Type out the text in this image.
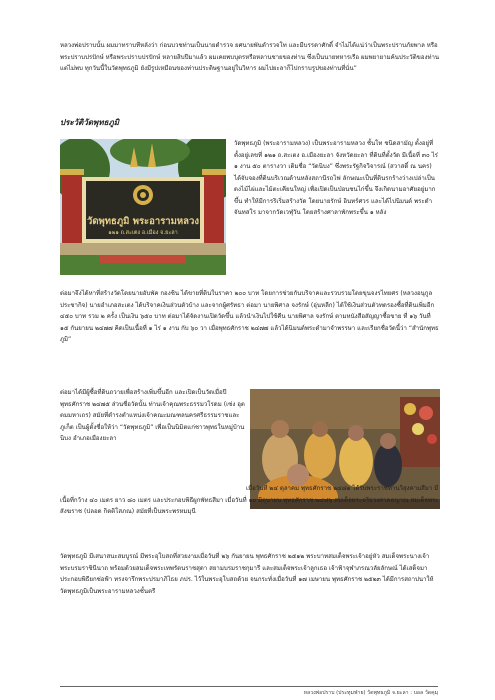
หลวงพ่อปราบนั้น ผมมาทราบทีหลังว่า ก่อนบวชท่านเป็นนายดำรวจ ยศนายพันตำรวจโท และมีบรรดาศักดิ์ จำไม่ได้แน่ว่าเป็นพระปราบภัยพาล หรือพระปราบปรปักษ์ หรือพระปราบปรปักษ์ หลายสิบปีมาแล้ว ผมเคยพบบุตรหรือหลานชายของท่าน ซึ่งเป็นนายทหารเรือ ผมพยายามค้นประวัติของท่านแต่ไม่พบ ทุกวันนี้ในวัดพุทธภูมิ ยังมีรูปเหมือนของท่านประดิษฐานอยู่ในวิหาร ผมไปยะลาก็ไปกราบรูปของท่านที่นั่น”

ประวัติวัดพุทธภูมิ

วัดพุทธภูมิ พระอารามหลวง
๑๒๑ ถ.สะเตง อ.เมือง จ.ยะลา

วัดพุทธภูมิ (พระอารามหลวง) เป็นพระอารามหลวง ชั้นโท ชนิดสามัญ ตั้งอยู่ที่ ตั้งอยู่เลขที่ ๑๒๑ ถ.สะเตง อ.เมืองยะลา จังหวัดยะลา ที่ดินที่ตั้งวัด มีเนื้อที่ ๓๐ ไร่ ๑ งาน ๕๐ ตารางวา เดิมชื่อ “วัดนิบง” ซึ่งพระรัฐกิจวิจารณ์ (สวาสดิ์ ณ นคร) ได้จับจองที่ดินบริเวณด้านหลังสถานีรถไฟ ลักษณะเป็นที่ดินรกร้างว่างเปล่าเป็นดงไม้ไผ่และไม้ตะเคียนใหญ่ เพื่อเปิดเป็นป่อนชนไก่ขึ้น จึงเกิดนามอาศัยอยู่มากขึ้น ทำให้มีการริเริ่มสร้างวัด โดยนายรักษ์ อินทร์ศวร และได้ไปนิมนต์ พระดำ จันทสโร มาจากวัดเวฬุวัน โดยสร้างศาลาพักพระขึ้น ๑ หลัง

ต่อมาจึงได้หาที่สร้างวัดโดยนายอับพัค กองชิน ได้ขายที่ดินในราคา ๒๐๐ บาท โดยการช่วยกันบริจาคและรวบรวมโดยขุนจงรไทยศร (หลวงอนุกูลประชากิจ) นายอำเภอสะเตง ได้บริจาคเงินส่วนตัวบ้าง และจากผู้ศรัทธา ต่อมา นายพิศาล จงรักษ์ (อุ่นหลีก) ได้ใช้เงินส่วนตัวทดรองซื้อที่ดินเพิ่มอีก ๔๕๐ บาท รวม ๒ ครั้ง เป็นเงิน ๖๕๐ บาท ต่อมาได้จัดงานเปิดวัดขึ้น แล้วนำเงินไปใช้คืน นายพิศาล จงรักษ์ ตามหนังสือสัญญาซื้อขาย ที่ ๑๖ วันที่ ๑๕ กันยายน ๒๔๗๗ คิดเป็นเนื้อที่ ๑ ไร่ ๑ งาน กับ ๖๐ วา เมื่อพุทธศักราช ๒๔๗๗ แล้วได้นิมนต์พระดำมาจำพรรษา และเรียกชื่อวัดนี้ว่า “สำนักพุทธภูมิ”

ต่อมาได้มีผู้ซื้อที่ดินถวายเพื่อสร้างเพิ่มขึ้นอีก และเปิดเป็นวัดเมื่อปีพุทธศักราช ๒๔๗๕ ส่วนชื่อวัดนั้น ท่านเจ้าคุณพระธรรมวโรดม (เซ่ง อุตตมมหาเถร) สมัยที่ดำรงตำแหน่งเจ้าคณะมณฑลนครศรีธรรมราชและภูเก็ต เป็นผู้ตั้งชื่อให้ว่า “วัดพุทธภูมิ” เพื่อเป็นนิมิตแก่ชาวพุทธในหมู่บ้านนิบง อำเภอเมืองยะลา

เมื่อวันที่ ๒๔ ตุลาคม พุทธศักราช ๒๔๘๒ ได้รับพระราชทานวิสุงคามสีมา มีเนื้อที่กว้าง ๔๐ เมตร ยาว ๘๐ เมตร และประกอบพิธีผูกพัทธสีมา เมื่อวันที่ ๑๐ มิถุนายน พุทธศักราช ๒๔๘๖ สมเด็จพระอริยวงศาคตญาณ สมเด็จพระสังฆราช (ปลอด กิตติโสภณ) สมัยที่เป็นพระพรหมมุนี

วัดพุทธภูมิ มีเสนาสนะสมบูรณ์ มีพระอุโบสถที่สวยงามเมื่อวันที่ ๒๖ กันยายน พุทธศักราช ๒๕๑๒ พระบาทสมเด็จพระเจ้าอยู่หัว สมเด็จพระนางเจ้า พระบรมราชินีนาถ พร้อมด้วยสมเด็จพระเทพรัตนราชสุดา สยามบรมราชกุมารี และสมเด็จพระเจ้าลูกเธอ เจ้าฟ้าจุฬาภรณวลัยลักษณ์ ได้เสด็จมาประกอบพิธียกช่อฟ้า ทรงจารึกพระปรมาภิไธย ภปร. ไว้ในพระอุโบสถด้วย จนกระทั่งเมื่อวันที่ ๑๗ เมษายน พุทธศักราช ๒๕๒๓ ได้มีการสถาปนาให้วัดพุทธภูมิเป็นพระอารามหลวงชั้นตรี

หลวงพ่อปราบ (ประทุมฟ่าย) วัดพุทธภูมิ จ.ยะลา : บอล วัดคุมฺ
